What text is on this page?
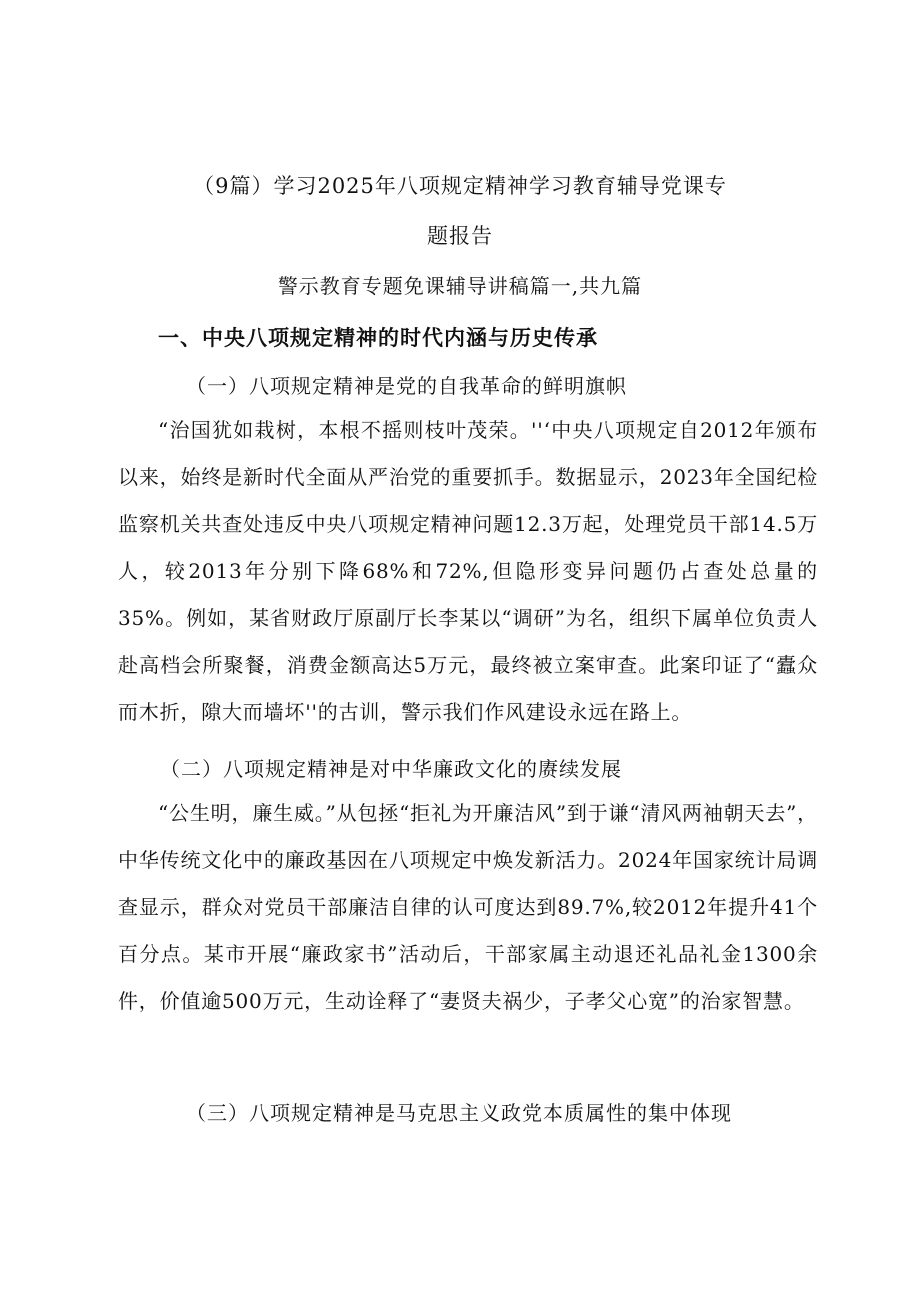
（9篇）学习2025年八项规定精神学习教育辅导党课专
题报告
警示教育专题免课辅导讲稿篇一,共九篇
一、中央八项规定精神的时代内涵与历史传承
（一）八项规定精神是党的自我革命的鲜明旗帜
“治国犹如栽树，本根不摇则枝叶茂荣。''‘中央八项规定自2012年颁布以来，始终是新时代全面从严治党的重要抓手。数据显示，2023年全国纪检监察机关共查处违反中央八项规定精神问题12.3万起，处理党员干部14.5万人，较2013年分别下降68%和72%,但隐形变异问题仍占查处总量的35%。例如，某省财政厅原副厅长李某以“调研”为名，组织下属单位负责人赴高档会所聚餐，消费金额高达5万元，最终被立案审查。此案印证了“蠹众而木折，隙大而墙坏''的古训，警示我们作风建设永远在路上。
（二）八项规定精神是对中华廉政文化的赓续发展
“公生明，廉生威。”从包拯“拒礼为开廉洁风”到于谦“清风两袖朝天去”，中华传统文化中的廉政基因在八项规定中焕发新活力。2024年国家统计局调查显示，群众对党员干部廉洁自律的认可度达到89.7%,较2012年提升41个百分点。某市开展“廉政家书”活动后，干部家属主动退还礼品礼金1300余件，价值逾500万元，生动诠释了“妻贤夫祸少，子孝父心宽”的治家智慧。
（三）八项规定精神是马克思主义政党本质属性的集中体现
